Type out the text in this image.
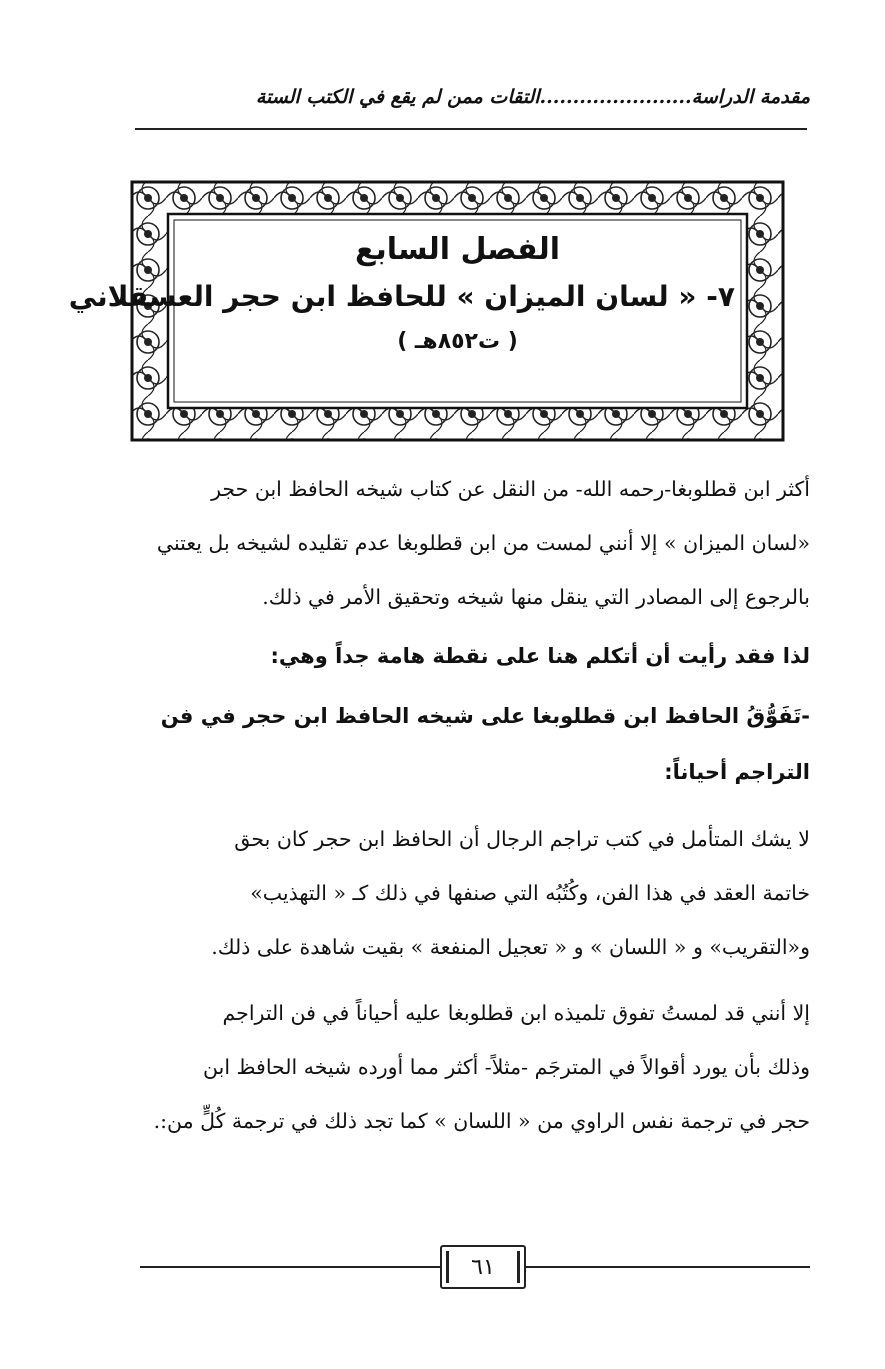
مقدمة الدراسة.......................التقات ممن لم يقع في الكتب الستة
الفصل السابع
٧- « لسان الميزان » للحافظ ابن حجر العسقلاني
( ت٨٥٢هـ )
أكثر ابن قطلوبغا-رحمه الله- من النقل عن كتاب شيخه الحافظ ابن حجر
«لسان الميزان » إلا أنني لمست من ابن قطلوبغا عدم تقليده لشيخه بل يعتني
بالرجوع إلى المصادر التي ينقل منها شيخه وتحقيق الأمر في ذلك.
لذا فقد رأيت أن أتكلم هنا على نقطة هامة جداً وهي:
-تَفَوُّقُ الحافظ ابن قطلوبغا على شيخه الحافظ ابن حجر في فن
التراجم أحياناً:
لا يشك المتأمل في كتب تراجم الرجال أن الحافظ ابن حجر كان بحق
خاتمة العقد في هذا الفن، وكُتُبُه التي صنفها في ذلك كـ « التهذيب»
و«التقريب» و « اللسان » و « تعجيل المنفعة » بقيت شاهدة على ذلك.
إلا أنني قد لمستُ تفوق تلميذه ابن قطلوبغا عليه أحياناً في فن التراجم
وذلك بأن يورد أقوالاً في المترجَم -مثلاً- أكثر مما أورده شيخه الحافظ ابن
حجر في ترجمة نفس الراوي من « اللسان » كما تجد ذلك في ترجمة كُلٍّ من:.
٦١
